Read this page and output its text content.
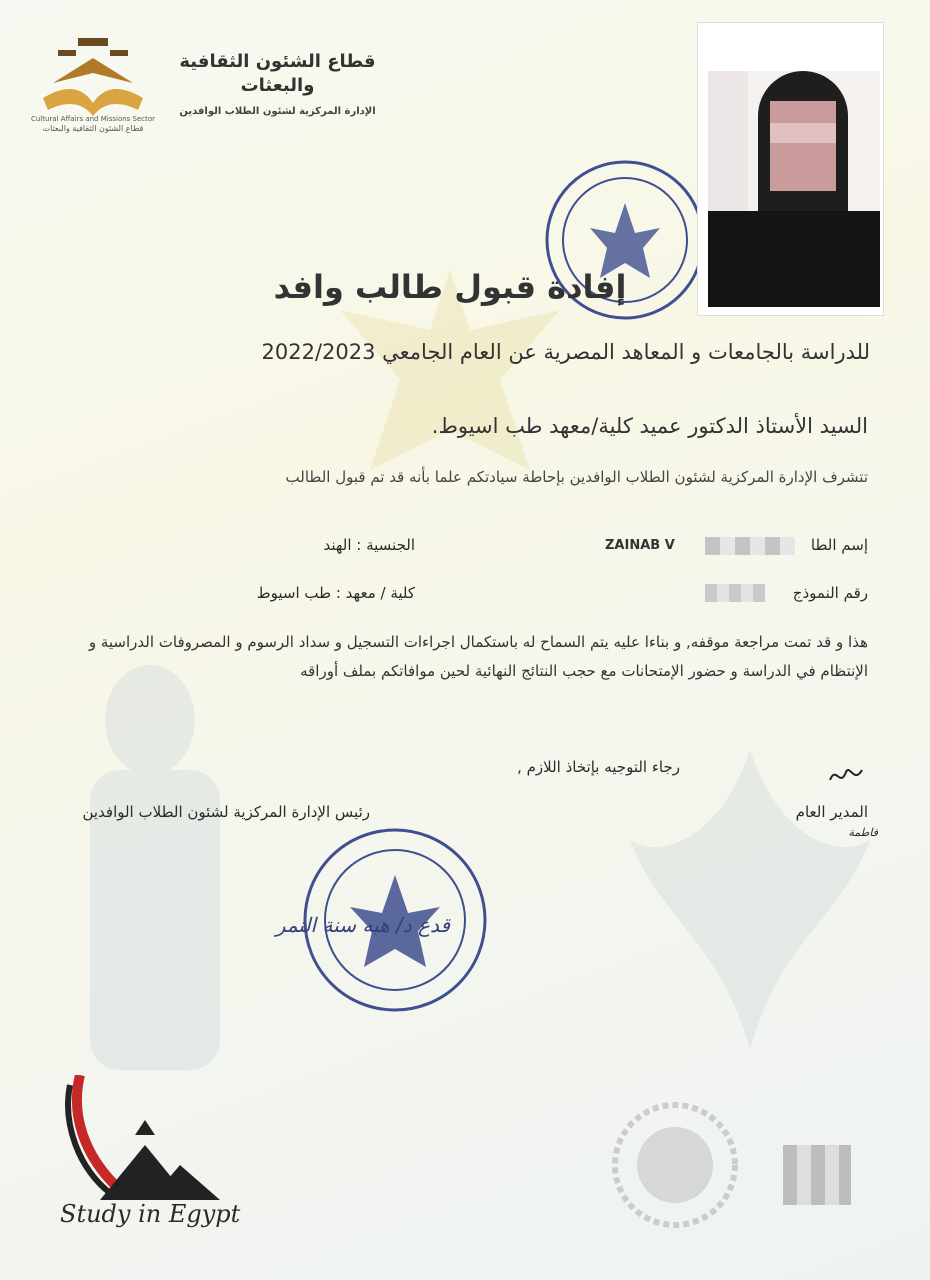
Cultural Affairs and Missions Sector
قطاع الشئون الثقافية والبعثات
قطاع الشئون الثقافية
والبعثات
الإدارة المركزية لشئون الطلاب الوافدين
إفادة قبول طالب وافد
للدراسة بالجامعات و المعاهد المصرية عن العام الجامعي 2022/2023
السيد الأستاذ الدكتور عميد كلية/معهد طب اسيوط.
تتشرف الإدارة المركزية لشئون الطلاب الوافدين بإحاطة سيادتكم علما بأنه قد تم قبول الطالب
إسم الطا
ZAINAB V
الجنسية : الهند
رقم النموذج
كلية / معهد : طب اسيوط
هذا و قد تمت مراجعة موقفه, و بناءا عليه يتم السماح له باستكمال اجراءات التسجيل و سداد الرسوم و المصروفات الدراسية و الإنتظام في الدراسة و حضور الإمتحانات مع حجب النتائج النهائية لحين موافاتكم بملف أوراقه
رجاء التوجيه بإتخاذ اللازم ,
رئيس الإدارة المركزية لشئون الطلاب الوافدين	المدير العام
فاطمة
قدع د/ هبه سنة النمر
Study in Egypt
